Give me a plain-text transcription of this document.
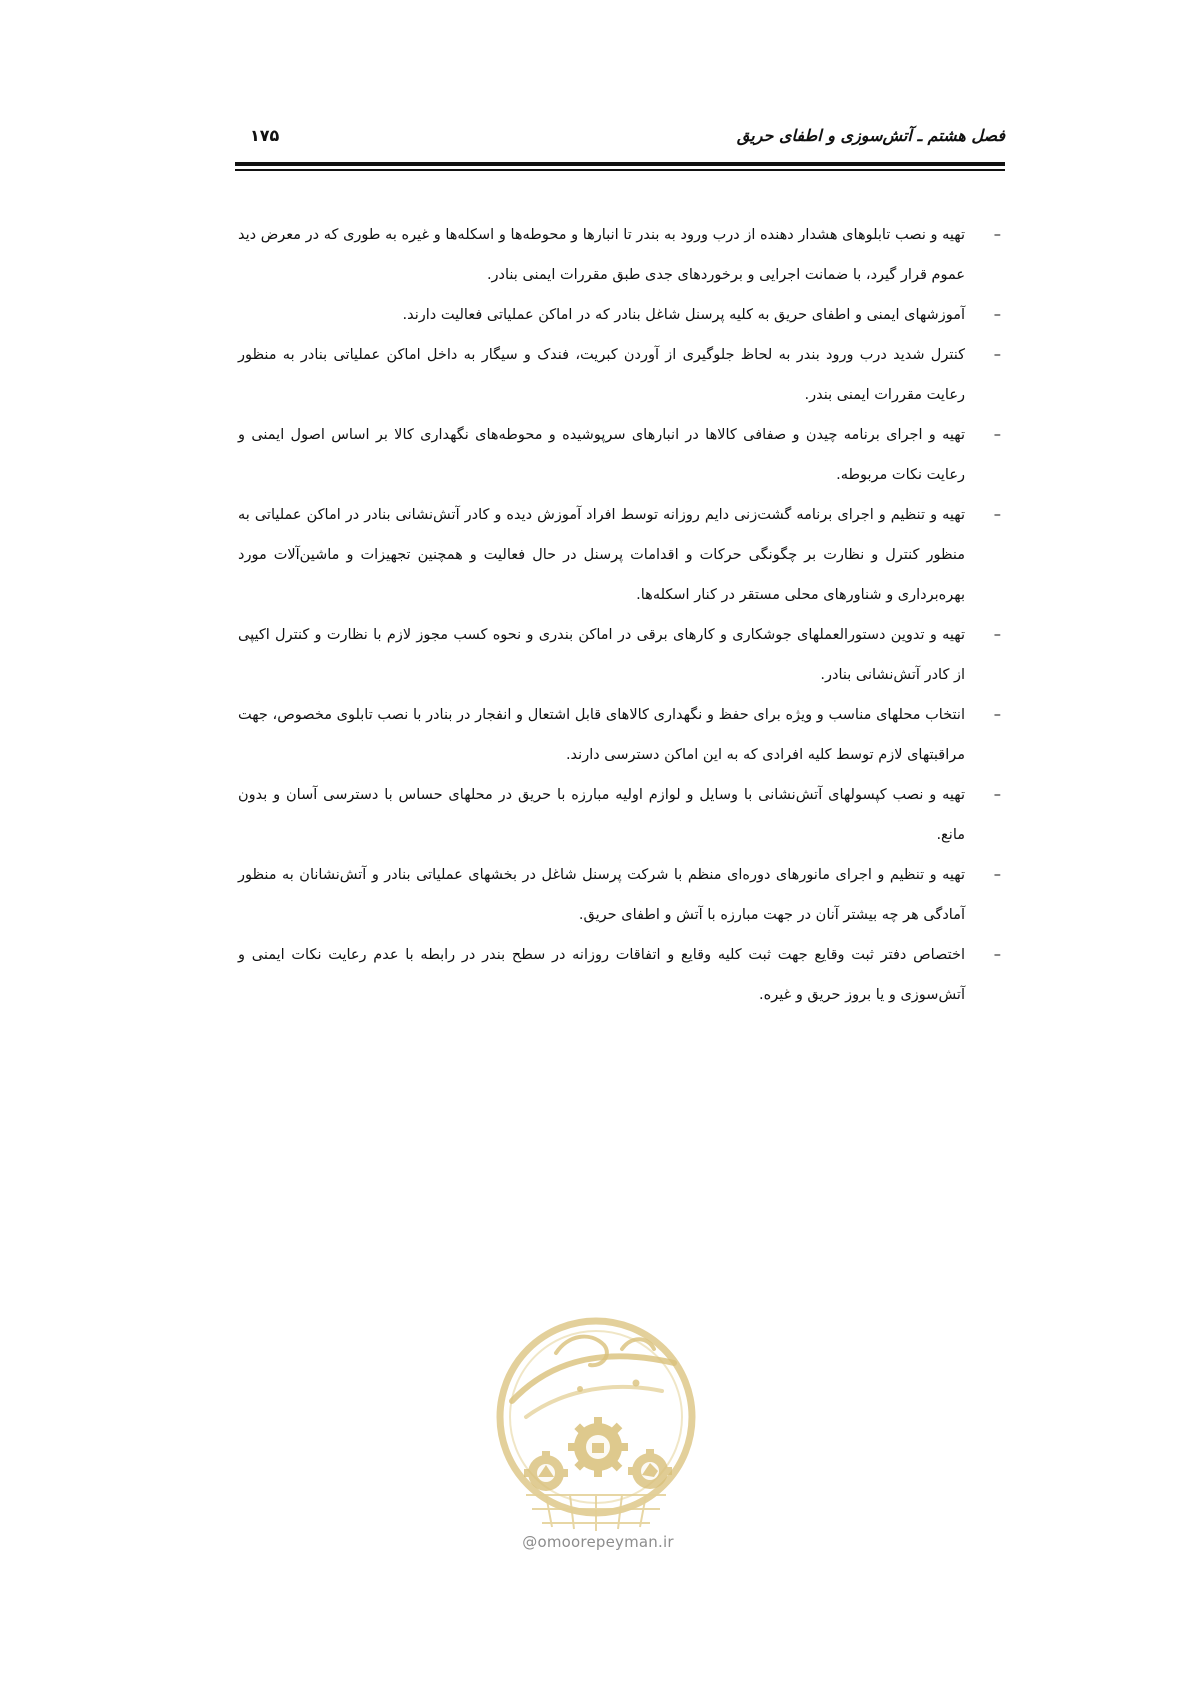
فصل هشتم ـ آتش‌سوزی و اطفای حریق
۱۷۵

–
تهیه و نصب تابلوهای هشدار دهنده از درب ورود به بندر تا انبارها و محوطه‌ها و اسکله‌ها و غیره به طوری که در معرض دید عموم قرار گیرد، با ضمانت اجرایی و برخوردهای جدی طبق مقررات ایمنی بنادر.

–
آموزشهای ایمنی و اطفای حریق به کلیه پرسنل شاغل بنادر که در اماکن عملیاتی فعالیت دارند.

–
کنترل شدید درب ورود بندر به لحاظ جلوگیری از آوردن کبریت، فندک و سیگار به داخل اماکن عملیاتی بنادر به منظور رعایت مقررات ایمنی بندر.

–
تهیه و اجرای برنامه چیدن و صفافی کالاها در انبارهای سرپوشیده و محوطه‌های نگهداری کالا بر اساس اصول ایمنی و رعایت نکات مربوطه.

–
تهیه و تنظیم و اجرای برنامه گشت‌زنی دایم روزانه توسط افراد آموزش دیده و کادر آتش‌نشانی بنادر در اماکن عملیاتی به منظور کنترل و نظارت بر چگونگی حرکات و اقدامات پرسنل در حال فعالیت و همچنین تجهیزات و ماشین‌آلات مورد بهره‌برداری و شناورهای محلی مستقر در کنار اسکله‌ها.

–
تهیه و تدوین دستورالعملهای جوشکاری و کارهای برقی در اماکن بندری و نحوه کسب مجوز لازم با نظارت و کنترل اکیپی از کادر آتش‌نشانی بنادر.

–
انتخاب محلهای مناسب و ویژه برای حفظ و نگهداری کالاهای قابل اشتعال و انفجار در بنادر با نصب تابلوی مخصوص، جهت مراقبتهای لازم توسط کلیه افرادی که به این اماکن دسترسی دارند.

–
تهیه و نصب کپسولهای آتش‌نشانی با وسایل و لوازم اولیه مبارزه با حریق در محلهای حساس با دسترسی آسان و بدون مانع.

–
تهیه و تنظیم و اجرای مانورهای دوره‌ای منظم با شرکت پرسنل شاغل در بخشهای عملیاتی بنادر و آتش‌نشانان به منظور آمادگی هر چه بیشتر آنان در جهت مبارزه با آتش و اطفای حریق.

–
اختصاص دفتر ثبت وقایع جهت ثبت کلیه وقایع و اتفاقات روزانه در سطح بندر در رابطه با عدم رعایت نکات ایمنی و آتش‌سوزی و یا بروز حریق و غیره.

@omoorepeyman.ir
